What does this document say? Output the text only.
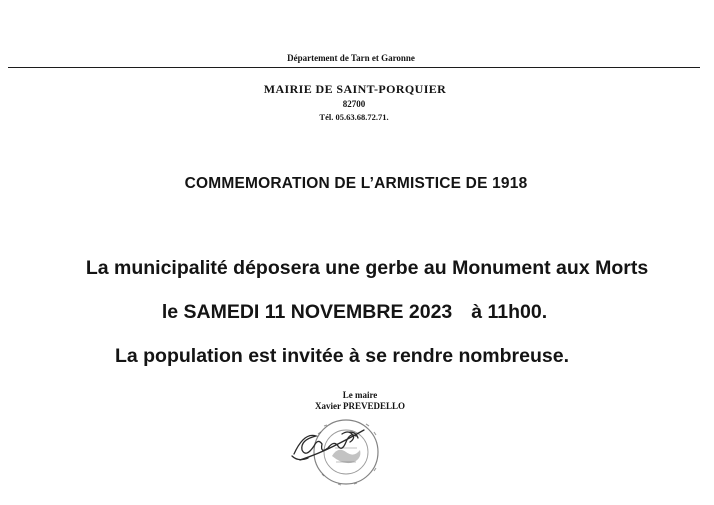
Département de Tarn et Garonne
MAIRIE DE SAINT-PORQUIER
82700
Tél. 05.63.68.72.71.
COMMEMORATION DE L’ARMISTICE DE 1918
La municipalité déposera une gerbe au Monument aux Morts
le SAMEDI 11 NOVEMBRE 2023 à 11h00.
La population est invitée à se rendre nombreuse.
Le maire
Xavier PREVEDELLO
